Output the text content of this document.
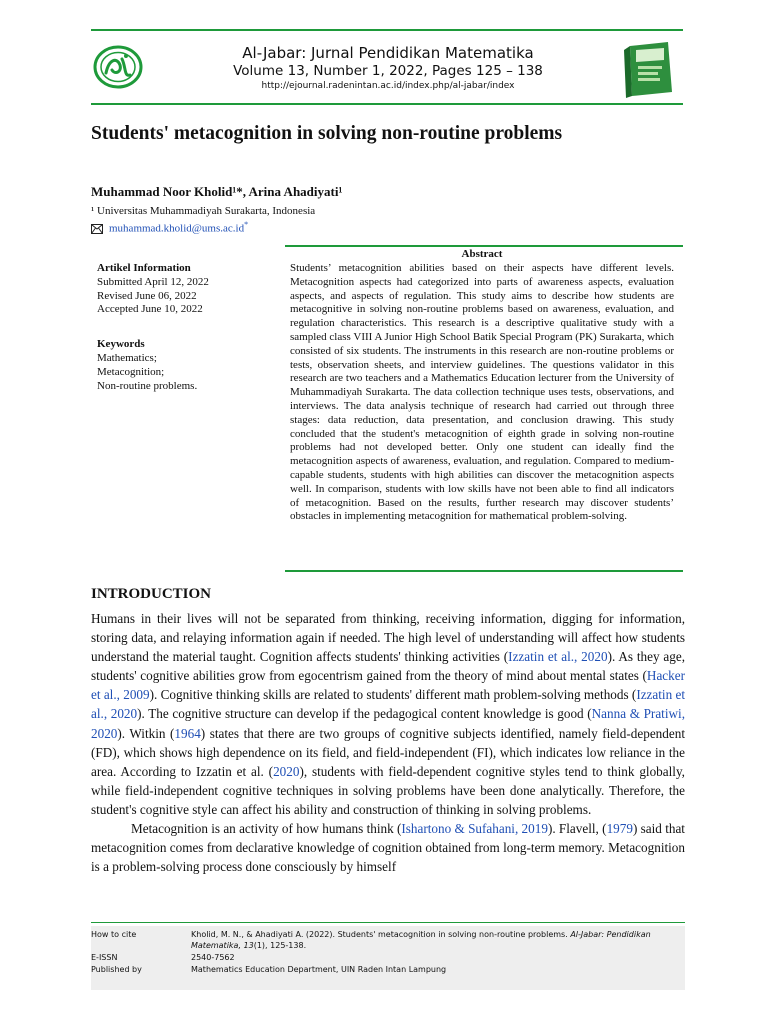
Al-Jabar: Jurnal Pendidikan Matematika
Volume 13, Number 1, 2022, Pages 125 – 138
http://ejournal.radenintan.ac.id/index.php/al-jabar/index
Students' metacognition in solving non-routine problems
Muhammad Noor Kholid¹*, Arina Ahadiyati¹
¹ Universitas Muhammadiyah Surakarta, Indonesia
muhammad.kholid@ums.ac.id*
Artikel Information
Submitted April 12, 2022
Revised June 06, 2022
Accepted June 10, 2022
Keywords
Mathematics;
Metacognition;
Non-routine problems.
Abstract
Students’ metacognition abilities based on their aspects have different levels. Metacognition aspects had categorized into parts of awareness aspects, evaluation aspects, and aspects of regulation. This study aims to describe how students are metacognitive in solving non-routine problems based on awareness, evaluation, and regulation characteristics. This research is a descriptive qualitative study with a sampled class VIII A Junior High School Batik Special Program (PK) Surakarta, which consisted of six students. The instruments in this research are non-routine problems or tests, observation sheets, and interview guidelines. The questions validator in this research are two teachers and a Mathematics Education lecturer from the University of Muhammadiyah Surakarta. The data collection technique uses tests, observations, and interviews. The data analysis technique of research had carried out through three stages: data reduction, data presentation, and conclusion drawing. This study concluded that the student's metacognition of eighth grade in solving non-routine problems had not developed better. Only one student can ideally find the metacognition aspects of awareness, evaluation, and regulation. Compared to medium-capable students, students with high abilities can discover the metacognition aspects well. In comparison, students with low skills have not been able to find all indicators of metacognition. Based on the results, further research may discover students’ obstacles in implementing metacognition for mathematical problem-solving.
INTRODUCTION

Humans in their lives will not be separated from thinking, receiving information, digging for information, storing data, and relaying information again if needed. The high level of understanding will affect how students understand the material taught. Cognition affects students' thinking activities (Izzatin et al., 2020). As they age, students' cognitive abilities grow from egocentrism gained from the theory of mind about mental states (Hacker et al., 2009). Cognitive thinking skills are related to students' different math problem-solving methods (Izzatin et al., 2020). The cognitive structure can develop if the pedagogical content knowledge is good (Nanna & Pratiwi, 2020). Witkin (1964) states that there are two groups of cognitive subjects identified, namely field-dependent (FD), which shows high dependence on its field, and field-independent (FI), which indicates low reliance in the area. According to Izzatin et al. (2020), students with field-dependent cognitive styles tend to think globally, while field-independent cognitive techniques in solving problems have been done analytically. Therefore, the student's cognitive style can affect his ability and construction of thinking in solving problems.

Metacognition is an activity of how humans think (Ishartono & Sufahani, 2019). Flavell, (1979) said that metacognition comes from declarative knowledge of cognition obtained from long-term memory. Metacognition is a problem-solving process done consciously by himself

How to cite	Kholid, M. N., & Ahadiyati A. (2022). Students' metacognition in solving non-routine problems. Al-Jabar: Pendidikan Matematika, 13(1), 125-138.
E-ISSN	2540-7562
Published by	Mathematics Education Department, UIN Raden Intan Lampung
